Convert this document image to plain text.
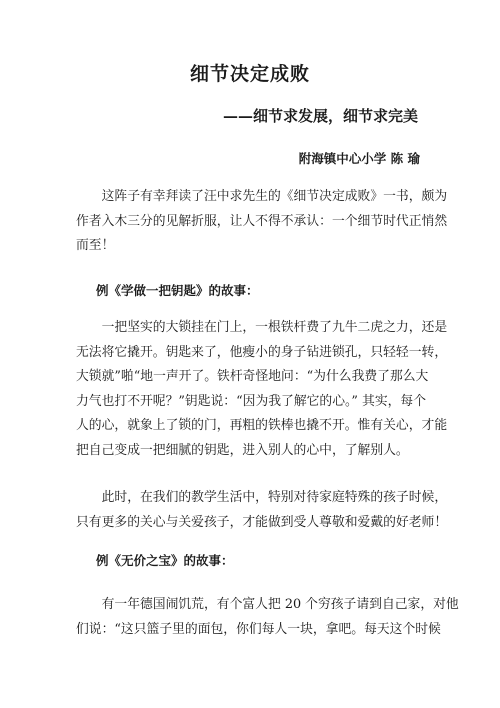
细节决定成败
——细节求发展，细节求完美
附海镇中心小学 陈 瑜

这阵子有幸拜读了汪中求先生的《细节决定成败》一书，颇为
作者入木三分的见解折服，让人不得不承认：一个细节时代正悄然
而至！

例《学做一把钥匙》的故事：

一把坚实的大锁挂在门上，一根铁杆费了九牛二虎之力，还是
无法将它撬开。钥匙来了，他瘦小的身子钻进锁孔，只轻轻一转，
大锁就”啪“地一声开了。铁杆奇怪地问：“为什么我费了那么大
力气也打不开呢？”钥匙说：“因为我了解它的心。” 其实，每个
人的心，就象上了锁的门，再粗的铁棒也撬不开。惟有关心，才能
把自己变成一把细腻的钥匙，进入别人的心中，了解别人。

此时，在我们的教学生活中，特别对待家庭特殊的孩子时候，
只有更多的关心与关爱孩子，才能做到受人尊敬和爱戴的好老师！

例《无价之宝》的故事：

有一年德国闹饥荒，有个富人把 20 个穷孩子请到自己家，对他
们说：“这只篮子里的面包，你们每人一块，拿吧。每天这个时候
